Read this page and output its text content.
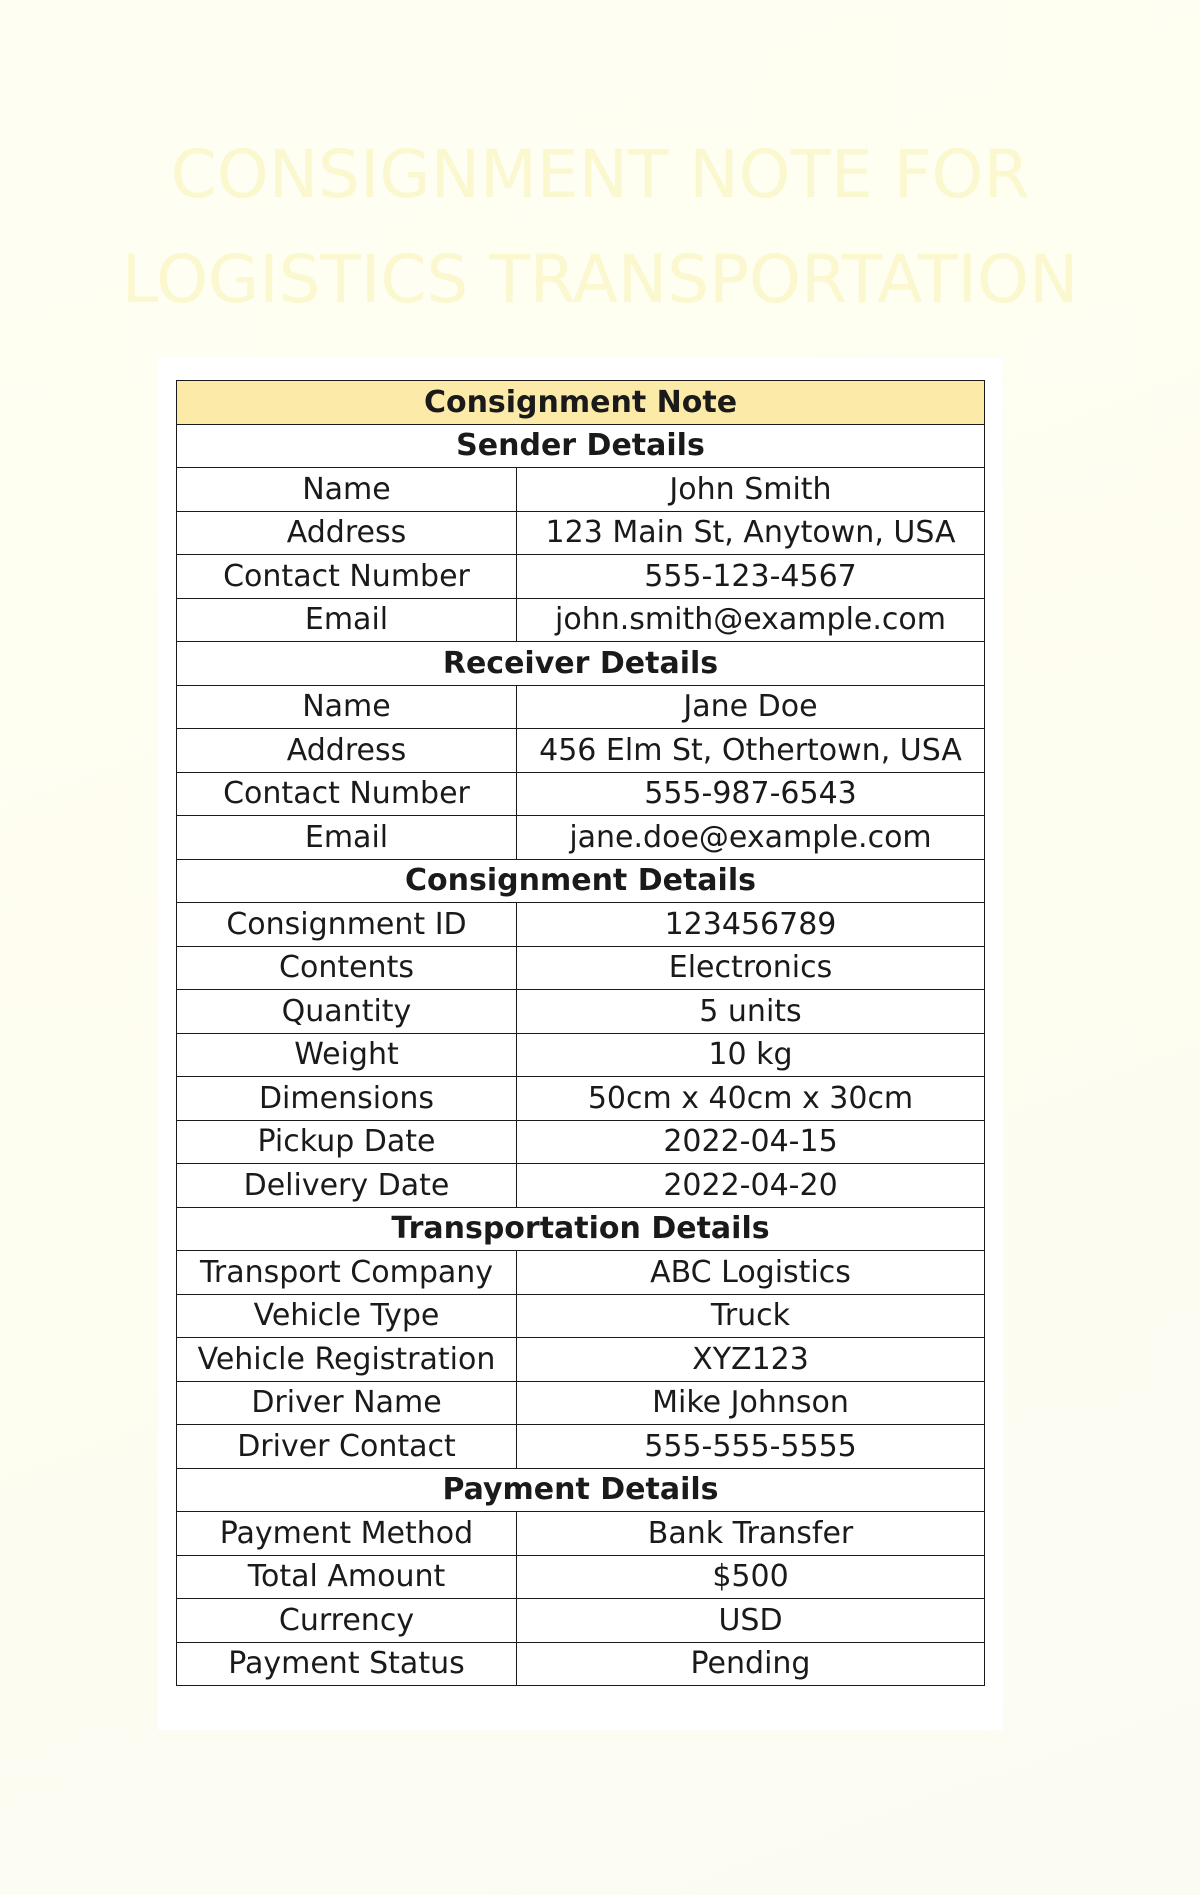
CONSIGNMENT NOTE FOR
LOGISTICS TRANSPORTATION
Consignment Note	
Sender Details	
Name	John Smith
Address	123 Main St, Anytown, USA
Contact Number	555-123-4567
Email	john.smith@example.com
Receiver Details	
Name	Jane Doe
Address	456 Elm St, Othertown, USA
Contact Number	555-987-6543
Email	jane.doe@example.com
Consignment Details	
Consignment ID	123456789
Contents	Electronics
Quantity	5 units
Weight	10 kg
Dimensions	50cm x 40cm x 30cm
Pickup Date	2022-04-15
Delivery Date	2022-04-20
Transportation Details	
Transport Company	ABC Logistics
Vehicle Type	Truck
Vehicle Registration	XYZ123
Driver Name	Mike Johnson
Driver Contact	555-555-5555
Payment Details	
Payment Method	Bank Transfer
Total Amount	$500
Currency	USD
Payment Status	Pending
